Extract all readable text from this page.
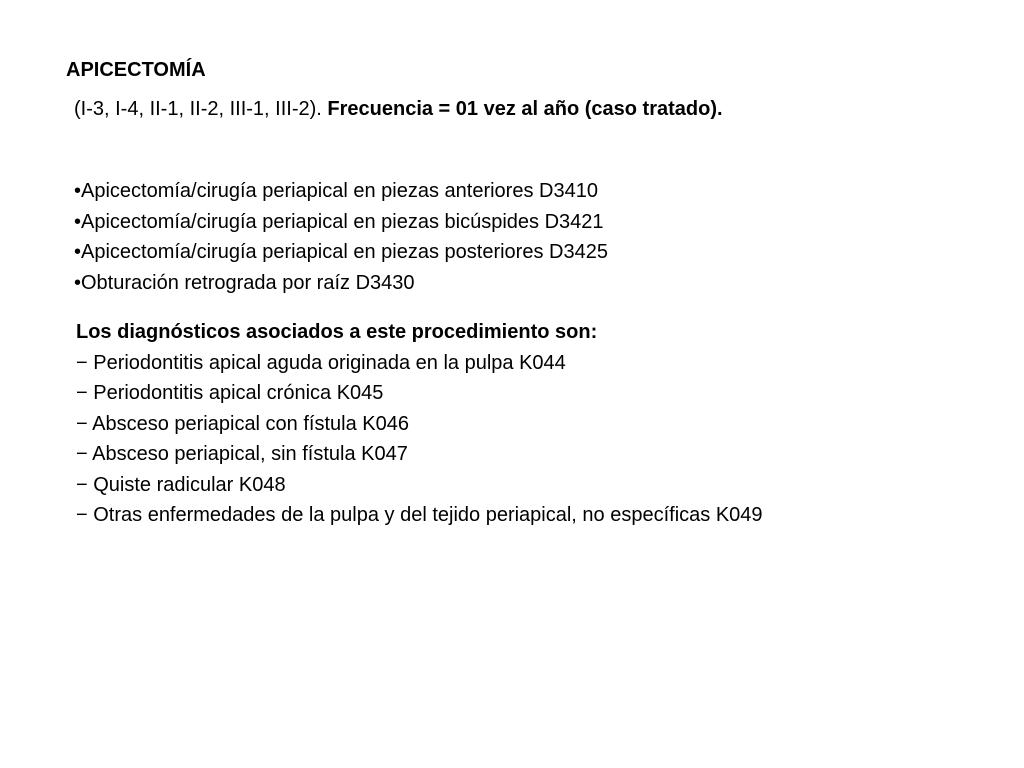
APICECTOMÍA
(I-3, I-4, II-1, II-2, III-1, III-2). Frecuencia = 01 vez al año (caso tratado).
•Apicectomía/cirugía periapical en piezas anteriores D3410
•Apicectomía/cirugía periapical en piezas bicúspides D3421
•Apicectomía/cirugía periapical en piezas posteriores D3425
•Obturación retrograda por raíz D3430
Los diagnósticos asociados a este procedimiento son:
− Periodontitis apical aguda originada en la pulpa K044
− Periodontitis apical crónica K045
− Absceso periapical con fístula K046
− Absceso periapical, sin fístula K047
− Quiste radicular K048
− Otras enfermedades de la pulpa y del tejido periapical, no específicas K049
